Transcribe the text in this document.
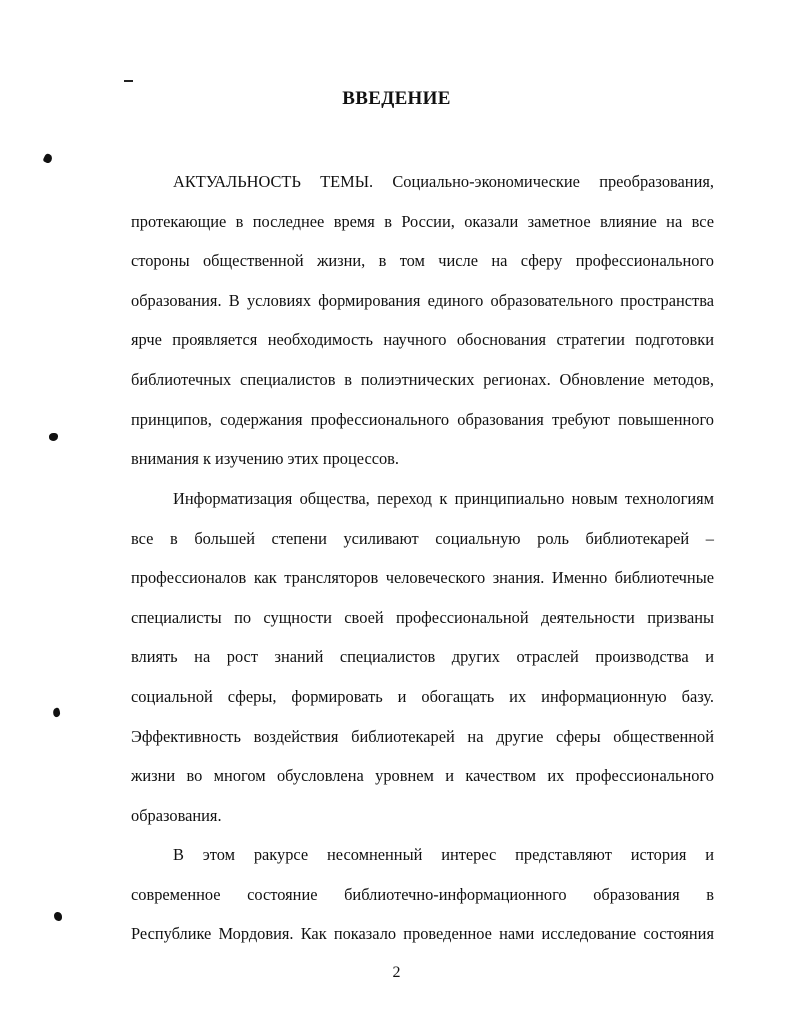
ВВЕДЕНИЕ
АКТУАЛЬНОСТЬ ТЕМЫ. Социально-экономические преобразования,
протекающие в последнее время в России, оказали заметное влияние на все
стороны общественной жизни, в том числе на сферу профессионального
образования. В условиях формирования единого образовательного пространства
ярче проявляется необходимость научного обоснования стратегии подготовки
библиотечных специалистов в полиэтнических регионах. Обновление методов,
принципов, содержания профессионального образования требуют повышенного
внимания к изучению этих процессов.
Информатизация общества, переход к принципиально новым технологиям
все в большей степени усиливают социальную роль библиотекарей –
профессионалов как трансляторов человеческого знания. Именно библиотечные
специалисты по сущности своей профессиональной деятельности призваны
влиять на рост знаний специалистов других отраслей производства и
социальной сферы, формировать и обогащать их информационную базу.
Эффективность воздействия библиотекарей на другие сферы общественной
жизни во многом обусловлена уровнем и качеством их профессионального
образования.
В этом ракурсе несомненный интерес представляют история и
современное состояние библиотечно-информационного образования в
Республике Мордовия. Как показало проведенное нами исследование состояния
2
